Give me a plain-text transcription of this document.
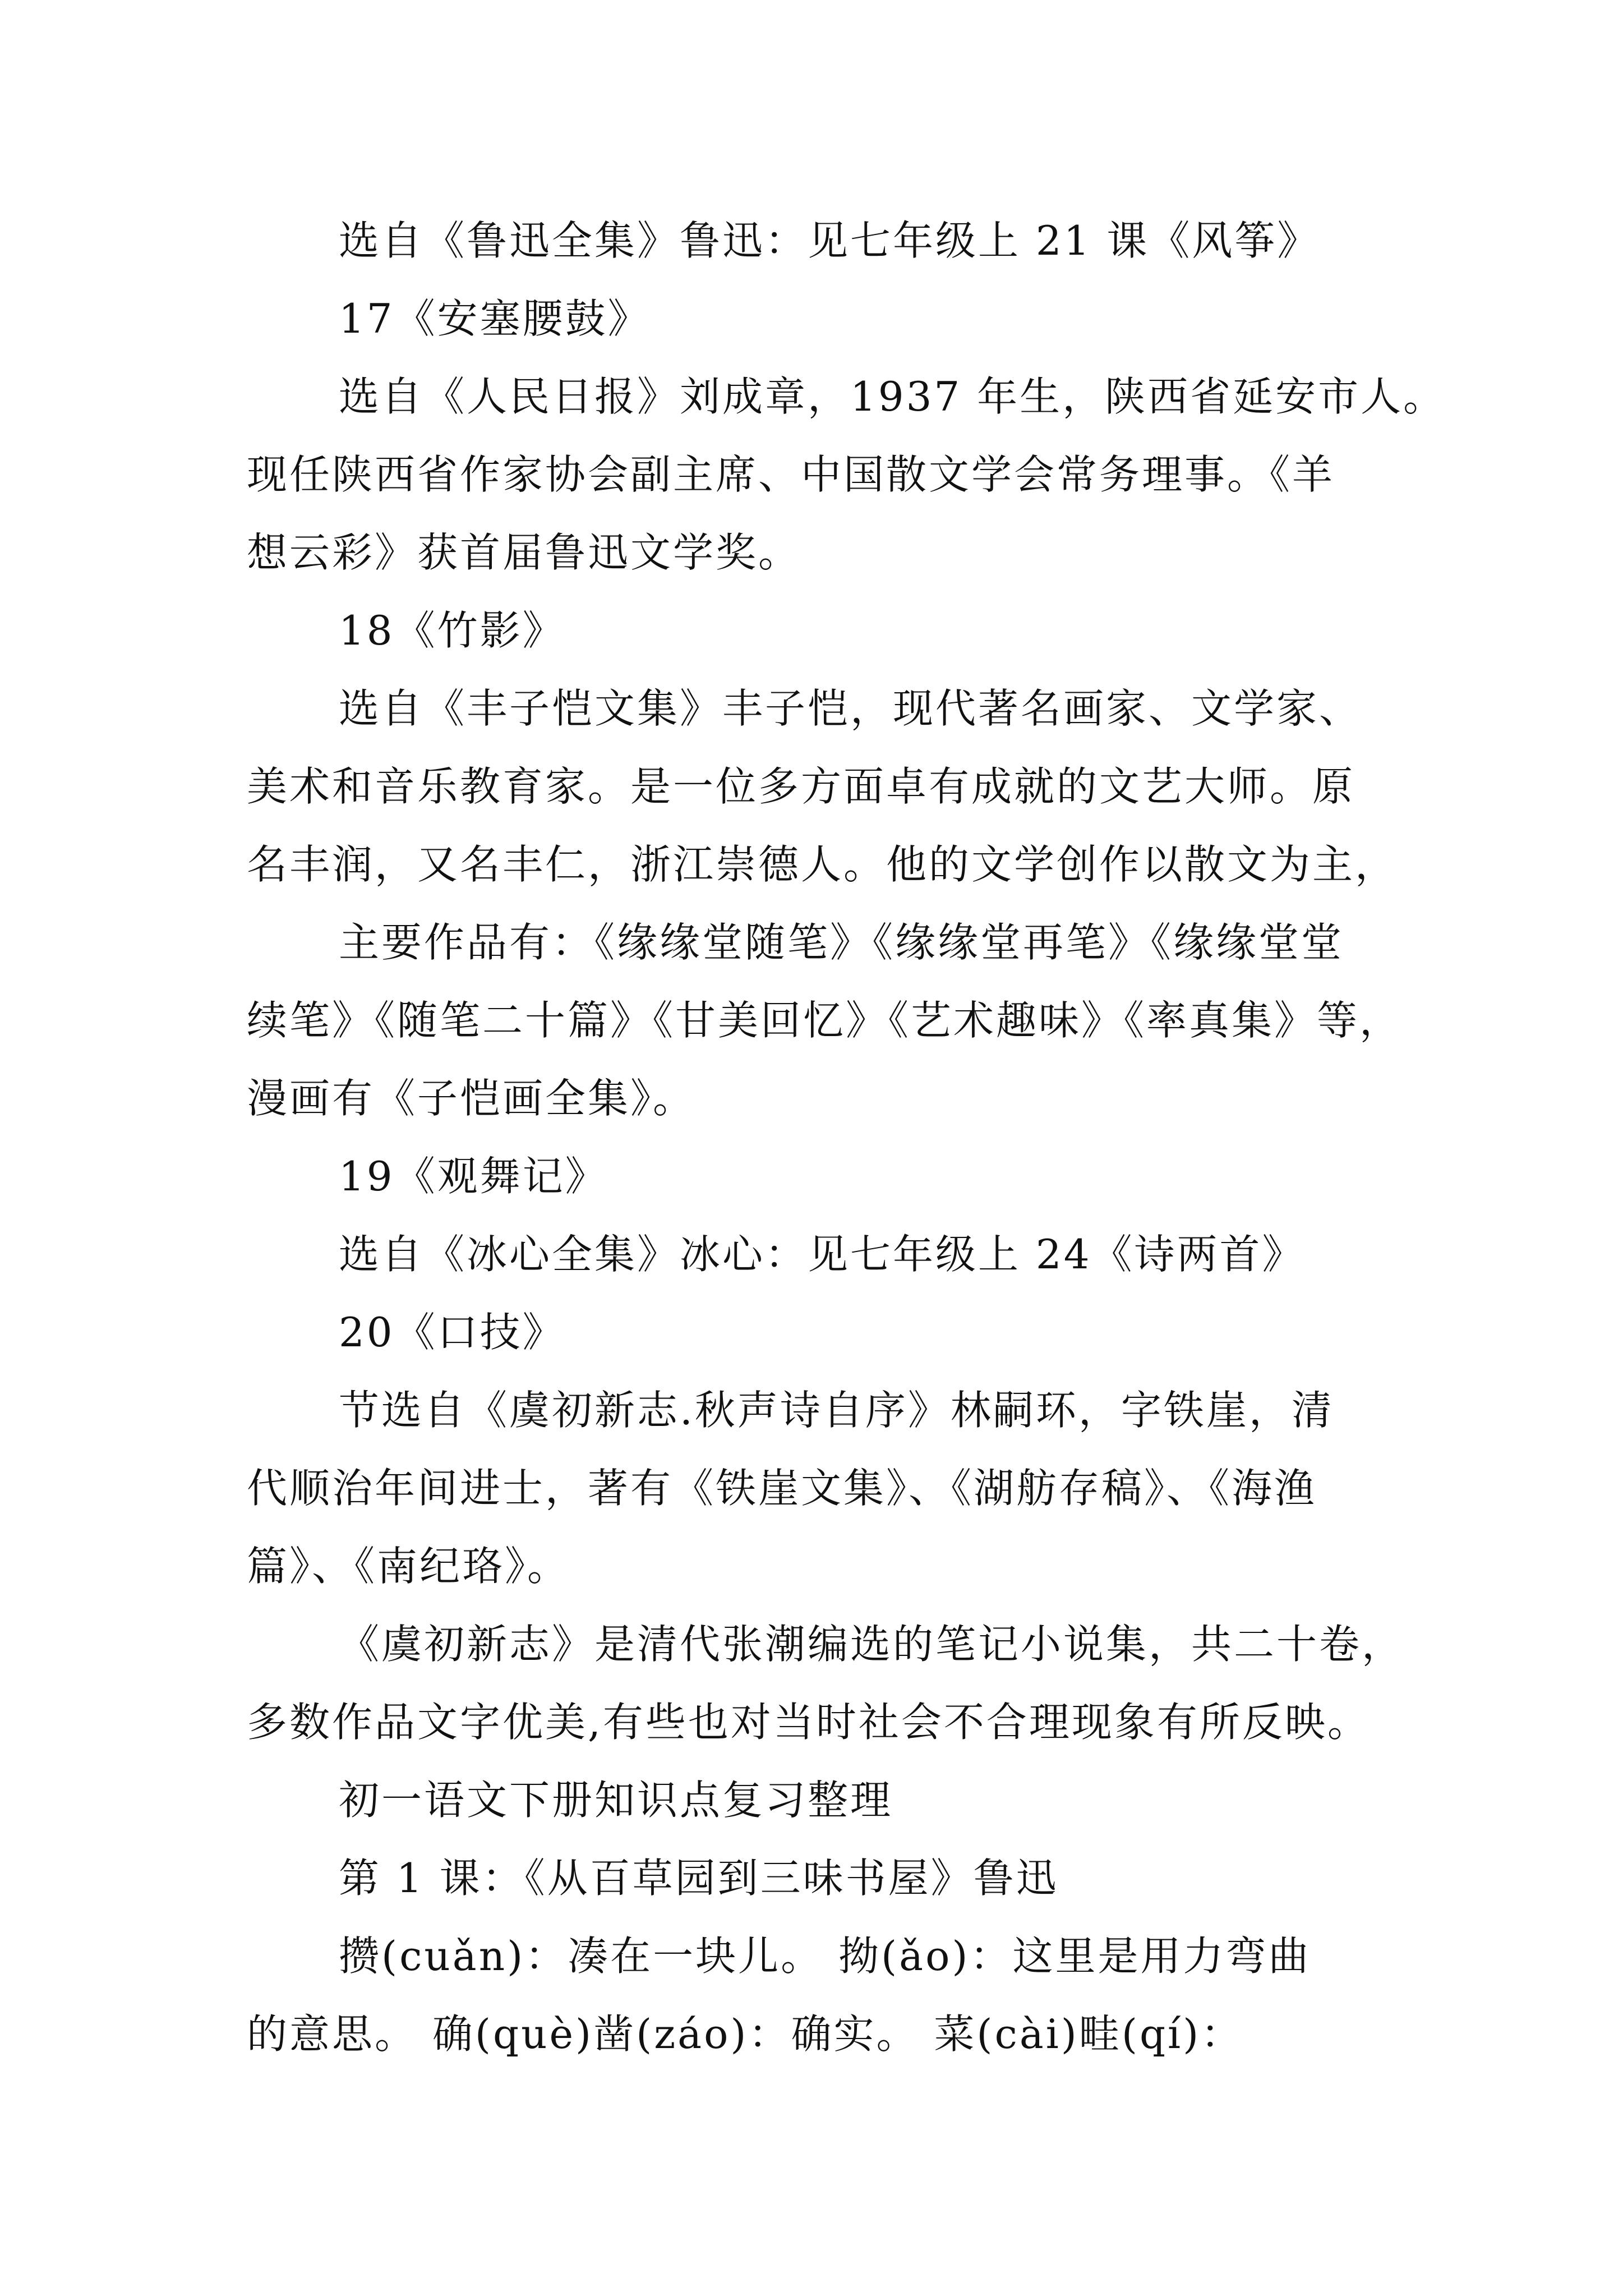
选自《鲁迅全集》鲁迅：见七年级上 21 课《风筝》
17《安塞腰鼓》
选自《人民日报》刘成章，1937 年生，陕西省延安市人。
现任陕西省作家协会副主席、中国散文学会常务理事。《羊
想云彩》获首届鲁迅文学奖。
18《竹影》
选自《丰子恺文集》丰子恺，现代著名画家、文学家、
美术和音乐教育家。是一位多方面卓有成就的文艺大师。原
名丰润，又名丰仁，浙江崇德人。他的文学创作以散文为主，
主要作品有：《缘缘堂随笔》《缘缘堂再笔》《缘缘堂堂
续笔》《随笔二十篇》《甘美回忆》《艺术趣味》《率真集》等，
漫画有《子恺画全集》。
19《观舞记》
选自《冰心全集》冰心：见七年级上 24《诗两首》
20《口技》
节选自《虞初新志.秋声诗自序》林嗣环，字铁崖，清
代顺治年间进士，著有《铁崖文集》、《湖舫存稿》、《海渔
篇》、《南纪珞》。
《虞初新志》是清代张潮编选的笔记小说集，共二十卷，
多数作品文字优美,有些也对当时社会不合理现象有所反映。
初一语文下册知识点复习整理
第 1 课：《从百草园到三味书屋》鲁迅
攒(cuǎn)：凑在一块儿。 拗(ǎo)：这里是用力弯曲
的意思。 确(què)凿(záo)：确实。 菜(cài)畦(qí)：
